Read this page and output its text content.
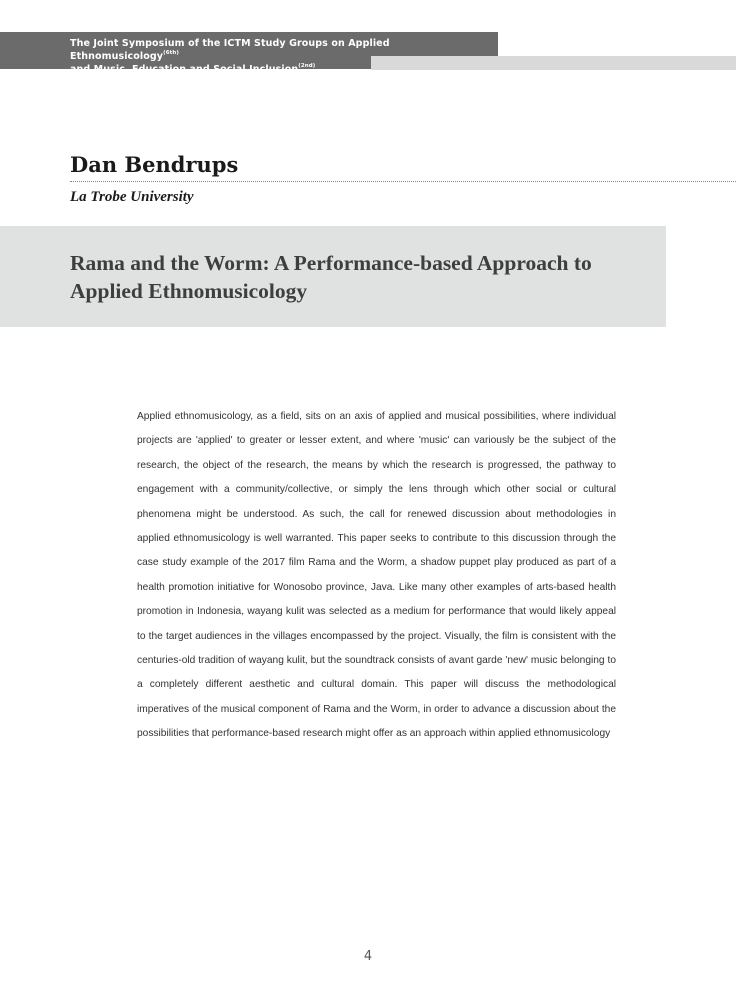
The Joint Symposium of the ICTM Study Groups on Applied Ethnomusicology$^{(6th)}$
and Music, Education and Social Inclusion$^{(2nd)}$
Dan Bendrups
La Trobe University
Rama and the Worm: A Performance-based Approach to Applied Ethnomusicology

Applied ethnomusicology, as a field, sits on an axis of applied and musical possibilities, where individual projects are 'applied' to greater or lesser extent, and where 'music' can variously be the subject of the research, the object of the research, the means by which the research is progressed, the pathway to engagement with a community/collective, or simply the lens through which other social or cultural phenomena might be understood. As such, the call for renewed discussion about methodologies in applied ethnomusicology is well warranted. This paper seeks to contribute to this discussion through the case study example of the 2017 film Rama and the Worm, a shadow puppet play produced as part of a health promotion initiative for Wonosobo province, Java. Like many other examples of arts-based health promotion in Indonesia, wayang kulit was selected as a medium for performance that would likely appeal to the target audiences in the villages encompassed by the project. Visually, the film is consistent with the centuries-old tradition of wayang kulit, but the soundtrack consists of avant garde 'new' music belonging to a completely different aesthetic and cultural domain. This paper will discuss the methodological imperatives of the musical component of Rama and the Worm, in order to advance a discussion about the possibilities that performance-based research might offer as an approach within applied ethnomusicology

4
